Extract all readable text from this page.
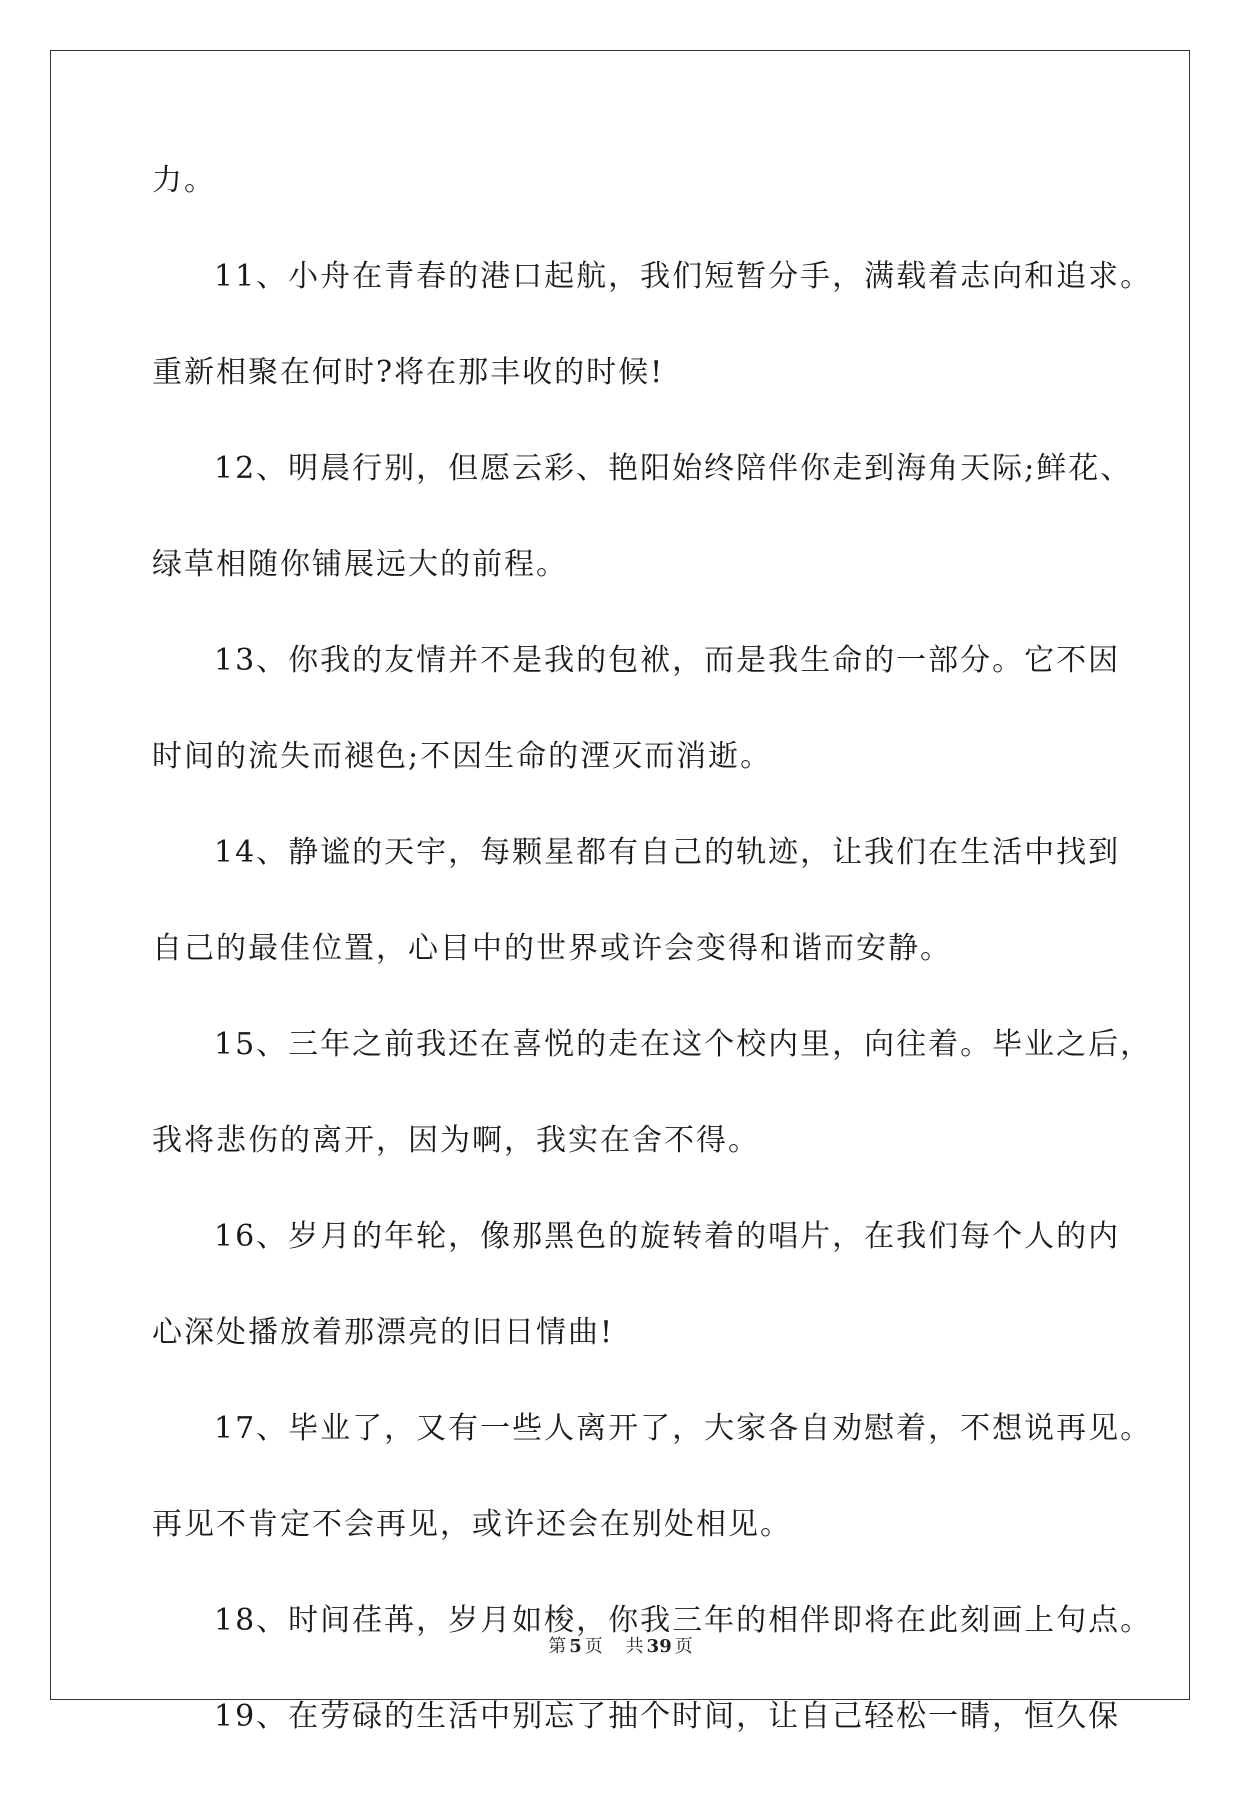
力。

11、小舟在青春的港口起航，我们短暂分手，满载着志向和追求。

重新相聚在何时?将在那丰收的时候!

12、明晨行别，但愿云彩、艳阳始终陪伴你走到海角天际;鲜花、

绿草相随你铺展远大的前程。

13、你我的友情并不是我的包袱，而是我生命的一部分。它不因

时间的流失而褪色;不因生命的湮灭而消逝。

14、静谧的天宇，每颗星都有自己的轨迹，让我们在生活中找到

自己的最佳位置，心目中的世界或许会变得和谐而安静。

15、三年之前我还在喜悦的走在这个校内里，向往着。毕业之后，

我将悲伤的离开，因为啊，我实在舍不得。

16、岁月的年轮，像那黑色的旋转着的唱片，在我们每个人的内

心深处播放着那漂亮的旧日情曲!

17、毕业了，又有一些人离开了，大家各自劝慰着，不想说再见。

再见不肯定不会再见，或许还会在别处相见。

18、时间荏苒，岁月如梭，你我三年的相伴即将在此刻画上句点。

19、在劳碌的生活中别忘了抽个时间，让自己轻松一睛，恒久保

第 5 页 共 39 页
